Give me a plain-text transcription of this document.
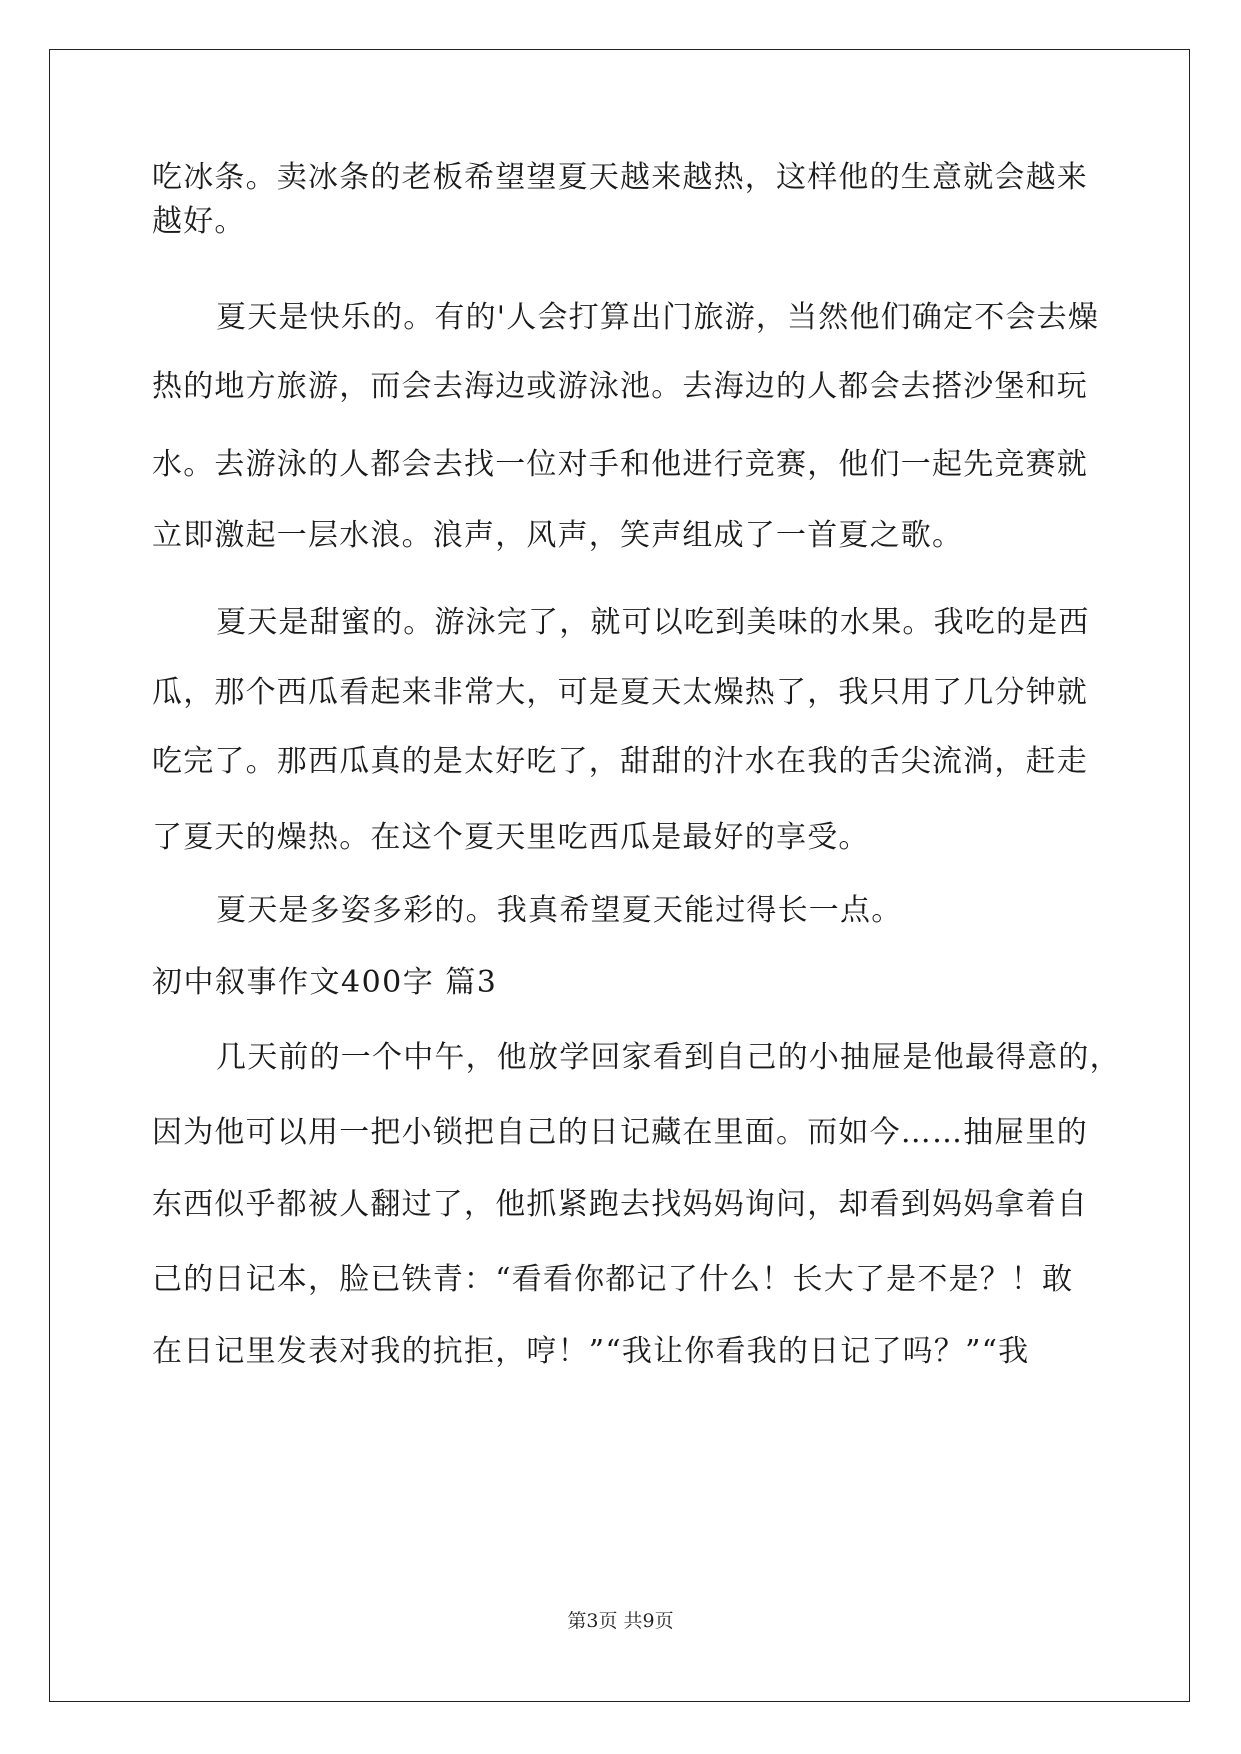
吃冰条。卖冰条的老板希望望夏天越来越热，这样他的生意就会越来
越好。
夏天是快乐的。有的'人会打算出门旅游，当然他们确定不会去燥
热的地方旅游，而会去海边或游泳池。去海边的人都会去搭沙堡和玩
水。去游泳的人都会去找一位对手和他进行竞赛，他们一起先竞赛就
立即激起一层水浪。浪声，风声，笑声组成了一首夏之歌。
夏天是甜蜜的。游泳完了，就可以吃到美味的水果。我吃的是西
瓜，那个西瓜看起来非常大，可是夏天太燥热了，我只用了几分钟就
吃完了。那西瓜真的是太好吃了，甜甜的汁水在我的舌尖流淌，赶走
了夏天的燥热。在这个夏天里吃西瓜是最好的享受。
夏天是多姿多彩的。我真希望夏天能过得长一点。
初中叙事作文400字 篇3
几天前的一个中午，他放学回家看到自己的小抽屉是他最得意的，
因为他可以用一把小锁把自己的日记藏在里面。而如今……抽屉里的
东西似乎都被人翻过了，他抓紧跑去找妈妈询问，却看到妈妈拿着自
己的日记本，脸已铁青：“看看你都记了什么！长大了是不是？！敢
在日记里发表对我的抗拒，哼！”“我让你看我的日记了吗？”“我
第3页 共9页
